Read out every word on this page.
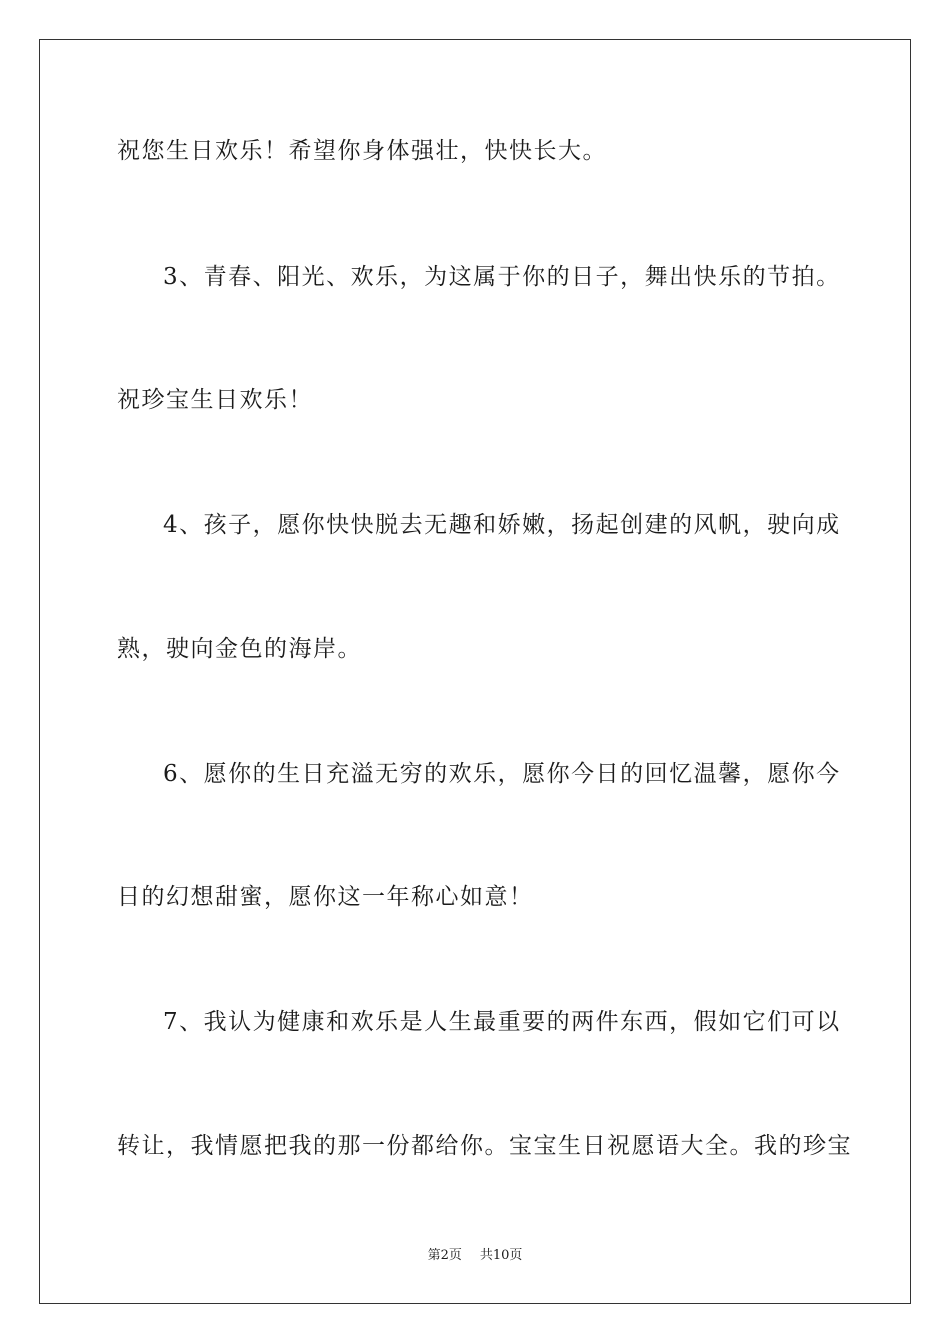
祝您生日欢乐！希望你身体强壮，快快长大。
3、青春、阳光、欢乐，为这属于你的日子，舞出快乐的节拍。
祝珍宝生日欢乐！
4、孩子，愿你快快脱去无趣和娇嫩，扬起创建的风帆，驶向成
熟，驶向金色的海岸。
6、愿你的生日充溢无穷的欢乐，愿你今日的回忆温馨，愿你今
日的幻想甜蜜，愿你这一年称心如意！
7、我认为健康和欢乐是人生最重要的两件东西，假如它们可以
转让，我情愿把我的那一份都给你。宝宝生日祝愿语大全。我的珍宝
第2页 共10页
